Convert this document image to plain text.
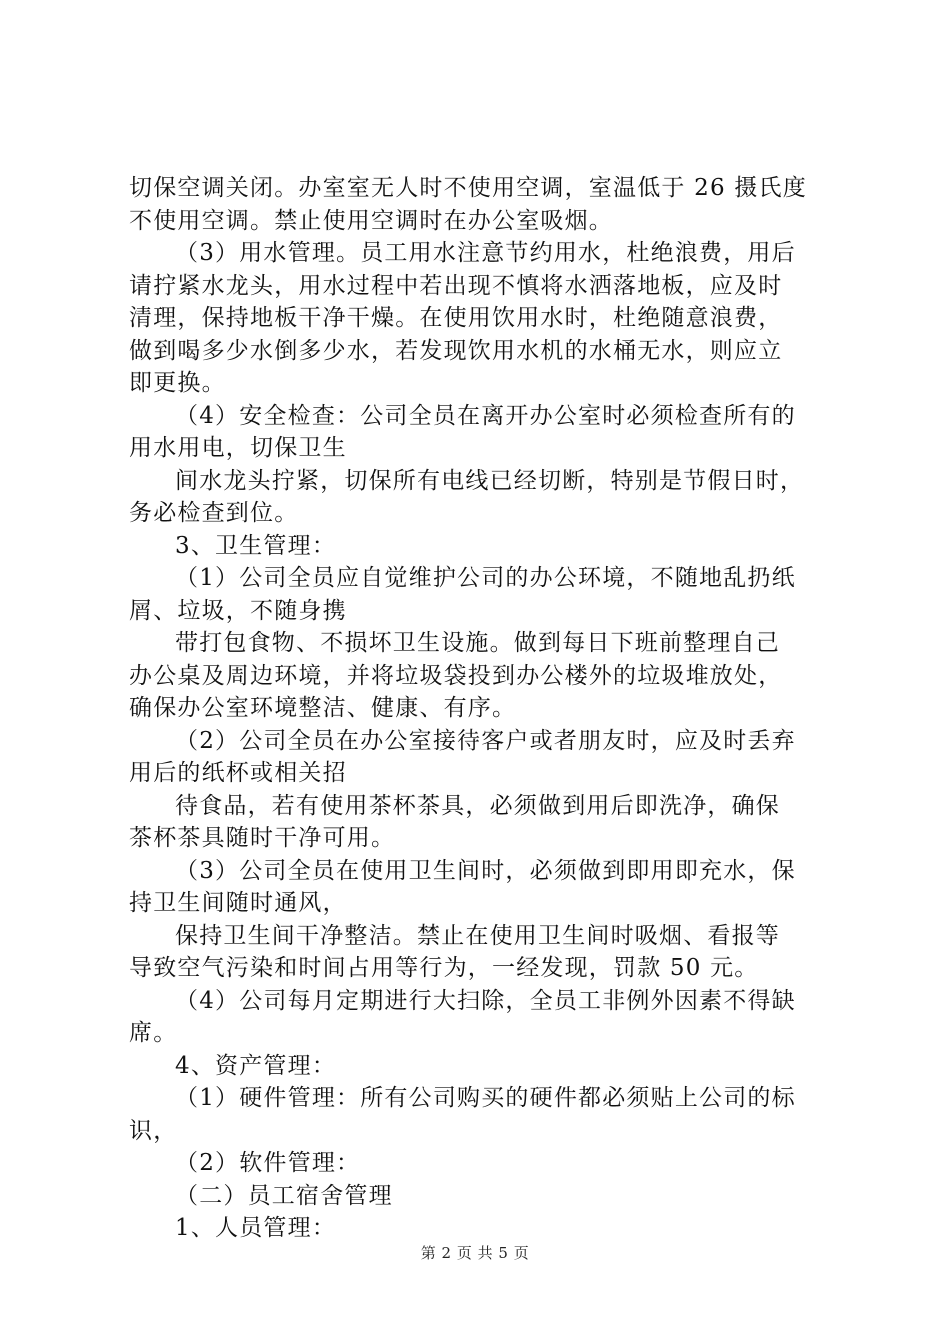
切保空调关闭。办室室无人时不使用空调，室温低于 26 摄氏度
不使用空调。禁止使用空调时在办公室吸烟。
（3）用水管理。员工用水注意节约用水，杜绝浪费，用后
请拧紧水龙头，用水过程中若出现不慎将水洒落地板，应及时
清理，保持地板干净干燥。在使用饮用水时，杜绝随意浪费，
做到喝多少水倒多少水，若发现饮用水机的水桶无水，则应立
即更换。
（4）安全检查：公司全员在离开办公室时必须检查所有的
用水用电，切保卫生
间水龙头拧紧，切保所有电线已经切断，特别是节假日时，
务必检查到位。
3、卫生管理：
（1）公司全员应自觉维护公司的办公环境，不随地乱扔纸
屑、垃圾，不随身携
带打包食物、不损坏卫生设施。做到每日下班前整理自己
办公桌及周边环境，并将垃圾袋投到办公楼外的垃圾堆放处，
确保办公室环境整洁、健康、有序。
（2）公司全员在办公室接待客户或者朋友时，应及时丢弃
用后的纸杯或相关招
待食品，若有使用茶杯茶具，必须做到用后即洗净，确保
茶杯茶具随时干净可用。
（3）公司全员在使用卫生间时，必须做到即用即充水，保
持卫生间随时通风，
保持卫生间干净整洁。禁止在使用卫生间时吸烟、看报等
导致空气污染和时间占用等行为，一经发现，罚款 50 元。
（4）公司每月定期进行大扫除，全员工非例外因素不得缺
席。
4、资产管理：
（1）硬件管理：所有公司购买的硬件都必须贴上公司的标
识，
（2）软件管理：
（二）员工宿舍管理
1、人员管理：
第 2 页 共 5 页
